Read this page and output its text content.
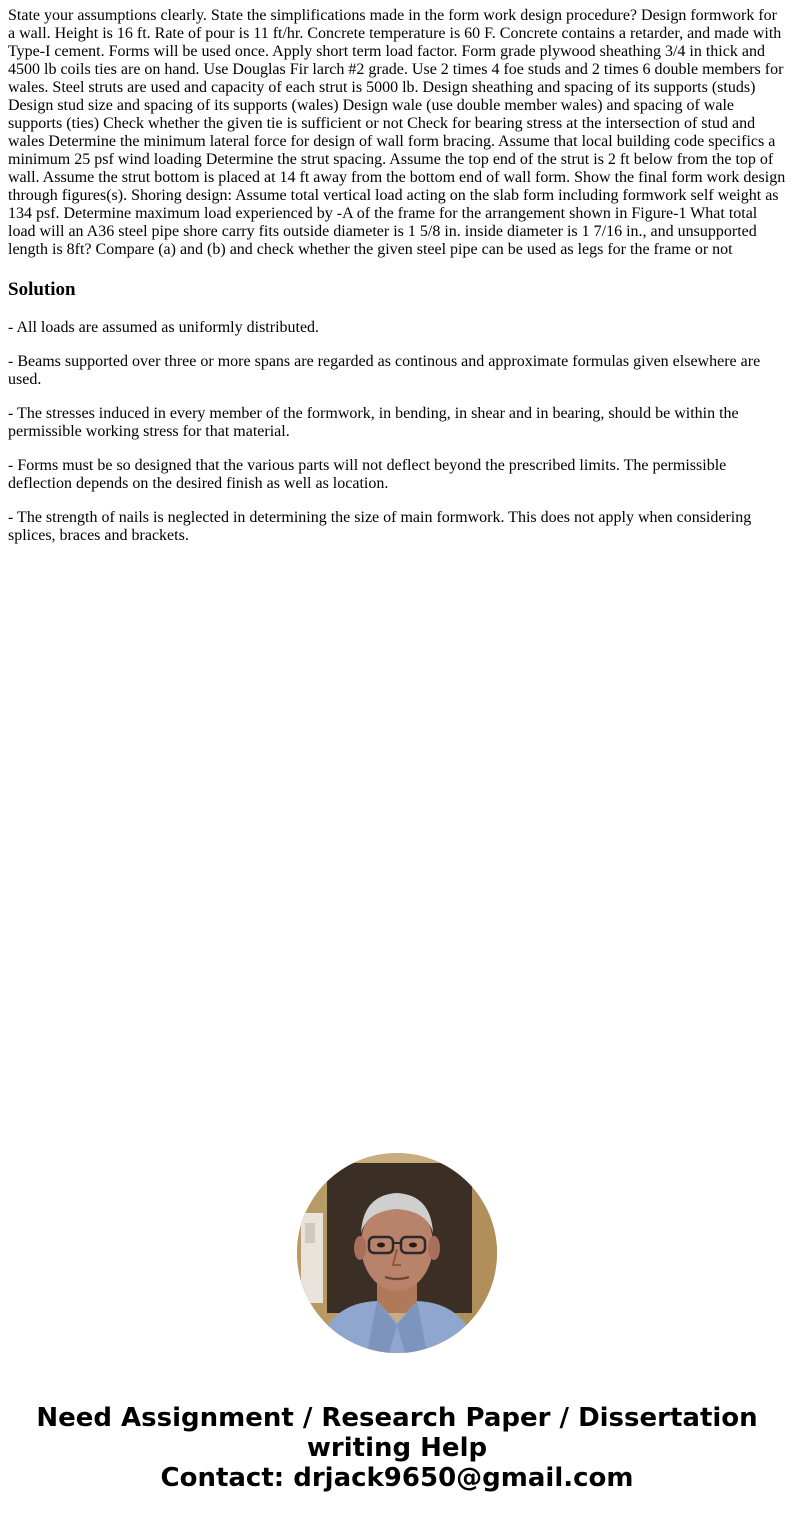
State your assumptions clearly. State the simplifications made in the form work design procedure? Design formwork for a wall. Height is 16 ft. Rate of pour is 11 ft/hr. Concrete temperature is 60 F. Concrete contains a retarder, and made with Type-I cement. Forms will be used once. Apply short term load factor. Form grade plywood sheathing 3/4 in thick and 4500 lb coils ties are on hand. Use Douglas Fir larch #2 grade. Use 2 times 4 foe studs and 2 times 6 double members for wales. Steel struts are used and capacity of each strut is 5000 lb. Design sheathing and spacing of its supports (studs) Design stud size and spacing of its supports (wales) Design wale (use double member wales) and spacing of wale supports (ties) Check whether the given tie is sufficient or not Check for bearing stress at the intersection of stud and wales Determine the minimum lateral force for design of wall form bracing. Assume that local building code specifics a minimum 25 psf wind loading Determine the strut spacing. Assume the top end of the strut is 2 ft below from the top of wall. Assume the strut bottom is placed at 14 ft away from the bottom end of wall form. Show the final form work design through figures(s). Shoring design: Assume total vertical load acting on the slab form including formwork self weight as 134 psf. Determine maximum load experienced by -A of the frame for the arrangement shown in Figure-1 What total load will an A36 steel pipe shore carry fits outside diameter is 1 5/8 in. inside diameter is 1 7/16 in., and unsupported length is 8ft? Compare (a) and (b) and check whether the given steel pipe can be used as legs for the frame or not

Solution

- All loads are assumed as uniformly distributed.

- Beams supported over three or more spans are regarded as continous and approximate formulas given elsewhere are used.

- The stresses induced in every member of the formwork, in bending, in shear and in bearing, should be within the permissible working stress for that material.

- Forms must be so designed that the various parts will not deflect beyond the prescribed limits. The permissible deflection depends on the desired finish as well as location.

- The strength of nails is neglected in determining the size of main formwork. This does not apply when considering splices, braces and brackets.

Need Assignment / Research Paper / Dissertation
writing Help
Contact: drjack9650@gmail.com
